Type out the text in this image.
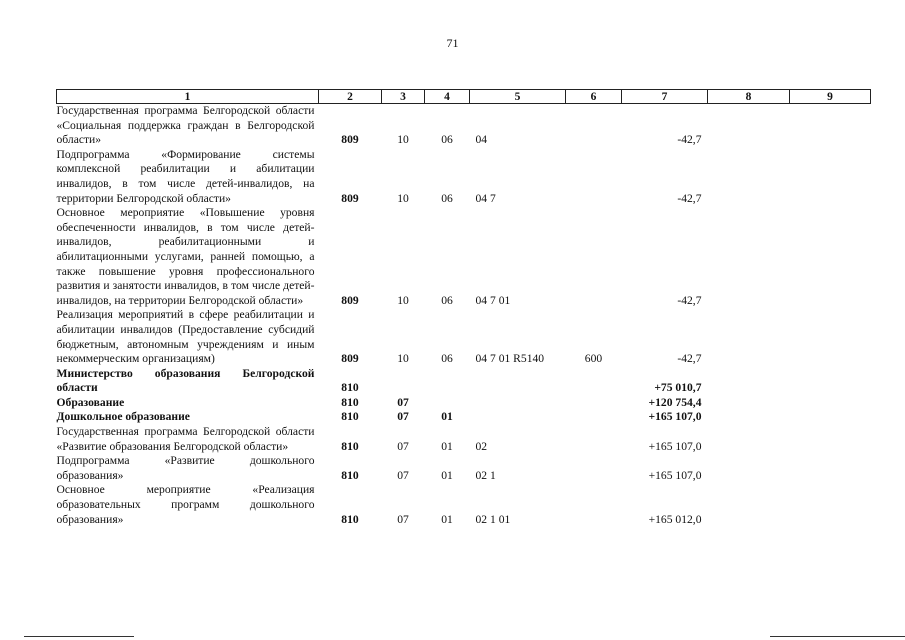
71
1	2	3	4	5	6	7	8	9
Государственная программа Белгородской области «Социальная поддержка граждан в Белгородской области»	809	10	06	04		-42,7		
Подпрограмма «Формирование системы комплексной реабилитации и абилитации инвалидов, в том числе детей-инвалидов, на территории Белгородской области»	809	10	06	04 7		-42,7		
Основное мероприятие «Повышение уровня обеспеченности инвалидов, в том числе детей-инвалидов, реабилитационными и абилитационными услугами, ранней помощью, а также повышение уровня профессионального развития и занятости инвалидов, в том числе детей-инвалидов, на территории Белгородской области»	809	10	06	04 7 01		-42,7		
Реализация мероприятий в сфере реабилитации и абилитации инвалидов (Предоставление субсидий бюджетным, автономным учреждениям и иным некоммерческим организациям)	809	10	06	04 7 01 R5140	600	-42,7		
Министерство образования Белгородской области	810					+75 010,7		
Образование	810	07				+120 754,4		
Дошкольное образование	810	07	01			+165 107,0		
Государственная программа Белгородской области «Развитие образования Белгородской области»	810	07	01	02		+165 107,0		
Подпрограмма «Развитие дошкольного образования»	810	07	01	02 1		+165 107,0		
Основное мероприятие «Реализация образовательных программ дошкольного образования»	810	07	01	02 1 01		+165 012,0		
